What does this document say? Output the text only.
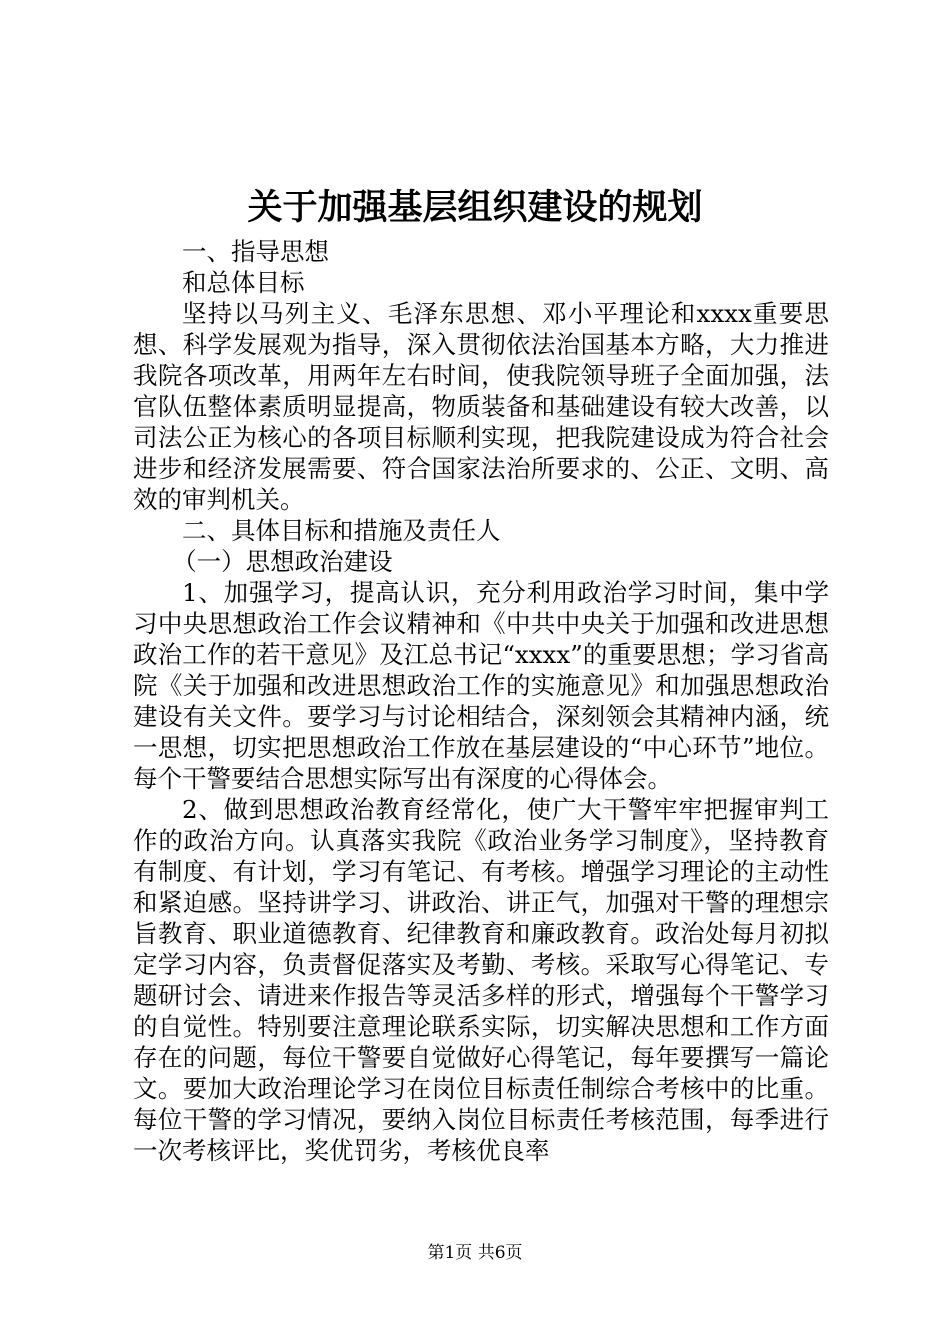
关于加强基层组织建设的规划

一、指导思想

和总体目标

坚持以马列主义、毛泽东思想、邓小平理论和xxxx重要思想、科学发展观为指导，深入贯彻依法治国基本方略，大力推进我院各项改革，用两年左右时间，使我院领导班子全面加强，法官队伍整体素质明显提高，物质装备和基础建设有较大改善，以司法公正为核心的各项目标顺利实现，把我院建设成为符合社会进步和经济发展需要、符合国家法治所要求的、公正、文明、高效的审判机关。

二、具体目标和措施及责任人

（一）思想政治建设

1、加强学习，提高认识，充分利用政治学习时间，集中学习中央思想政治工作会议精神和《中共中央关于加强和改进思想政治工作的若干意见》及江总书记“xxxx”的重要思想；学习省高院《关于加强和改进思想政治工作的实施意见》和加强思想政治建设有关文件。要学习与讨论相结合，深刻领会其精神内涵，统一思想，切实把思想政治工作放在基层建设的“中心环节”地位。每个干警要结合思想实际写出有深度的心得体会。

2、做到思想政治教育经常化，使广大干警牢牢把握审判工作的政治方向。认真落实我院《政治业务学习制度》，坚持教育有制度、有计划，学习有笔记、有考核。增强学习理论的主动性和紧迫感。坚持讲学习、讲政治、讲正气，加强对干警的理想宗旨教育、职业道德教育、纪律教育和廉政教育。政治处每月初拟定学习内容，负责督促落实及考勤、考核。采取写心得笔记、专题研讨会、请进来作报告等灵活多样的形式，增强每个干警学习的自觉性。特别要注意理论联系实际，切实解决思想和工作方面存在的问题，每位干警要自觉做好心得笔记，每年要撰写一篇论文。要加大政治理论学习在岗位目标责任制综合考核中的比重。每位干警的学习情况，要纳入岗位目标责任考核范围，每季进行一次考核评比，奖优罚劣，考核优良率

第1页 共6页
